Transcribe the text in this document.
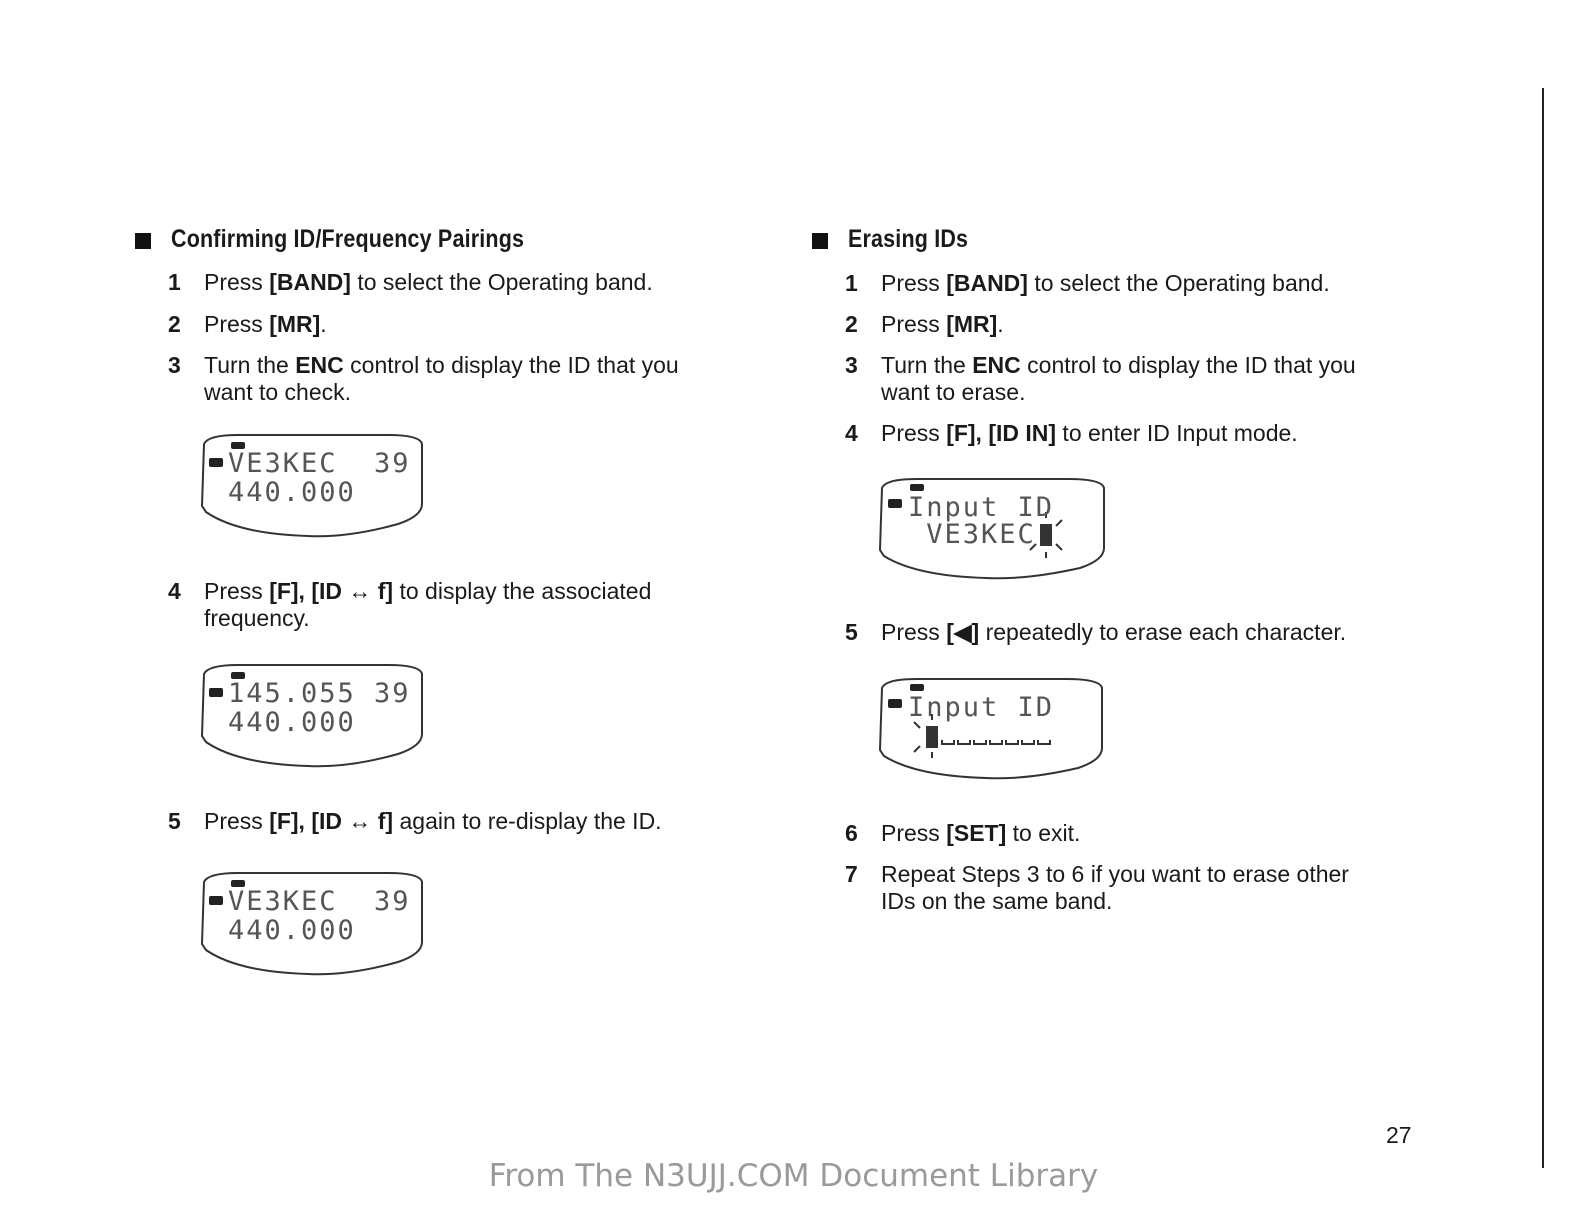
Confirming ID/Frequency Pairings
1 Press [BAND] to select the Operating band.
2 Press [MR].
3 Turn the ENC control to display the ID that you
want to check.
VE3KEC  39
440.000
4 Press [F], [ID ↔ f] to display the associated
frequency.
145.055 39
440.000
5 Press [F], [ID ↔ f] again to re-display the ID.
VE3KEC  39
440.000
Erasing IDs
1 Press [BAND] to select the Operating band.
2 Press [MR].
3 Turn the ENC control to display the ID that you
want to erase.
4 Press [F], [ID IN] to enter ID Input mode.
Input ID
VE3KEC
5 Press [◀] repeatedly to erase each character.
Input ID
6 Press [SET] to exit.
7 Repeat Steps 3 to 6 if you want to erase other
IDs on the same band.
27
From The N3UJJ.COM Document Library
